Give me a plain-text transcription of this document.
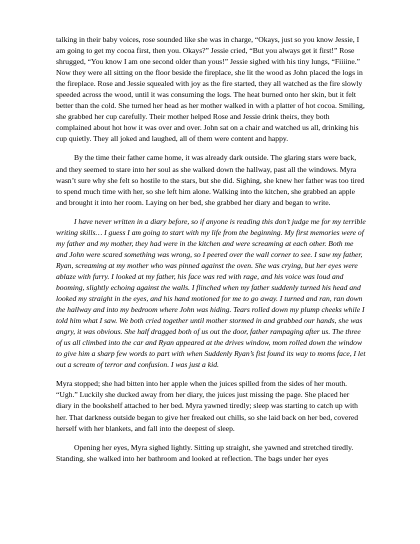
talking in their baby voices, rose sounded like she was in charge, “Okays, just so you know Jessie, I am going to get my cocoa first, then you. Okays?” Jessie cried, “But you always get it first!” Rose shrugged, “You know I am one second older than yous!” Jessie sighed with his tiny lungs, “Fiiiine.” Now they were all sitting on the floor beside the fireplace, she lit the wood as John placed the logs in the fireplace. Rose and Jessie squealed with joy as the fire started, they all watched as the fire slowly speeded across the wood, until it was consuming the logs. The heat burned onto her skin, but it felt better than the cold. She turned her head as her mother walked in with a platter of hot cocoa. Smiling, she grabbed her cup carefully. Their mother helped Rose and Jessie drink theirs, they both complained about hot how it was over and over. John sat on a chair and watched us all, drinking his cup quietly. They all joked and laughed, all of them were content and happy.

By the time their father came home, it was already dark outside. The glaring stars were back, and they seemed to stare into her soul as she walked down the hallway, past all the windows. Myra wasn’t sure why she felt so hostile to the stars, but she did. Sighing, she knew her father was too tired to spend much time with her, so she left him alone. Walking into the kitchen, she grabbed an apple and brought it into her room. Laying on her bed, she grabbed her diary and began to write.

I have never written in a diary before, so if anyone is reading this don’t judge me for my terrible writing skills… I guess I am going to start with my life from the beginning. My first memories were of my father and my mother, they had were in the kitchen and were screaming at each other. Both me and John were scared something was wrong, so I peered over the wall corner to see. I saw my father, Ryan, screaming at my mother who was pinned against the oven. She was crying, but her eyes were ablaze with furry. I looked at my father, his face was red with rage, and his voice was loud and booming, slightly echoing against the walls. I flinched when my father suddenly turned his head and looked my straight in the eyes, and his hand motioned for me to go away. I turned and ran, ran down the hallway and into my bedroom where John was hiding. Tears rolled down my plump cheeks while I told him what I saw. We both cried together until mother stormed in and grabbed our hands, she was angry, it was obvious. She half dragged both of us out the door, father rampaging after us. The three of us all climbed into the car and Ryan appeared at the drives window, mom rolled down the window to give him a sharp few words to part with when Suddenly Ryan’s fist found its way to moms face, I let out a scream of terror and confusion. I was just a kid.

Myra stopped; she had bitten into her apple when the juices spilled from the sides of her mouth. “Ugh.” Luckily she ducked away from her diary, the juices just missing the page. She placed her diary in the bookshelf attached to her bed. Myra yawned tiredly; sleep was starting to catch up with her. That darkness outside began to give her freaked out chills, so she laid back on her bed, covered herself with her blankets, and fall into the deepest of sleep.

Opening her eyes, Myra sighed lightly. Sitting up straight, she yawned and stretched tiredly. Standing, she walked into her bathroom and looked at reflection. The bags under her eyes
